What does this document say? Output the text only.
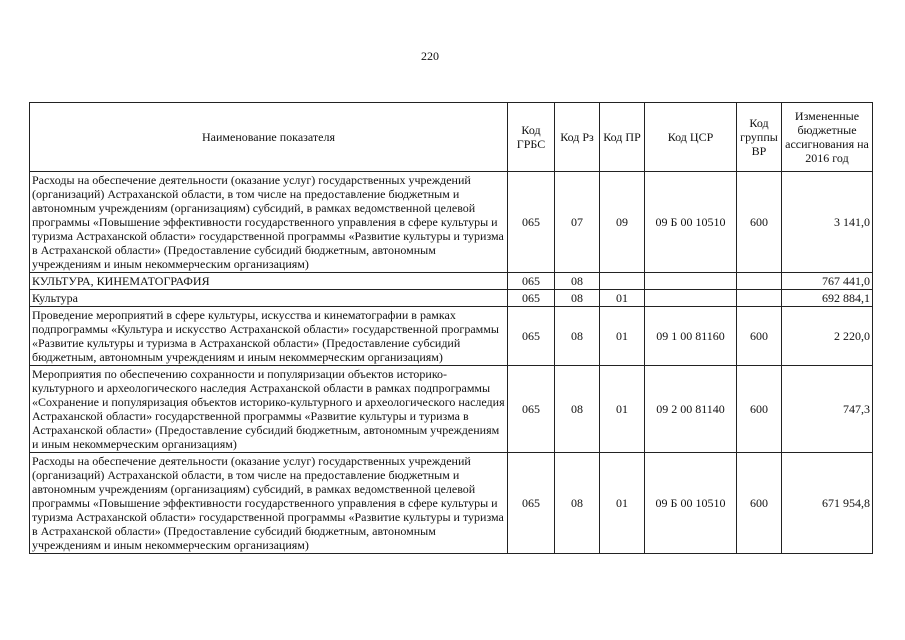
220
Наименование показателя	Код ГРБС	Код Рз	Код ПР	Код ЦСР	Код группы ВР	Измененные бюджетные ассигнования на 2016 год
Расходы на обеспечение деятельности (оказание услуг) государственных учреждений (организаций) Астраханской области, в том числе на предоставление бюджетным и автономным учреждениям (организациям) субсидий, в рамках ведомственной целевой программы «Повышение эффективности государственного управления в сфере культуры и туризма Астраханской области» государственной программы «Развитие культуры и туризма в Астраханской области» (Предоставление субсидий бюджетным, автономным учреждениям и иным некоммерческим организациям)	065	07	09	09 Б 00 10510	600	3 141,0
КУЛЬТУРА, КИНЕМАТОГРАФИЯ	065	08				767 441,0
Культура	065	08	01			692 884,1
Проведение мероприятий в сфере культуры, искусства и кинематографии в рамках подпрограммы «Культура и искусство Астраханской области» государственной программы «Развитие культуры и туризма в Астраханской области» (Предоставление субсидий бюджетным, автономным учреждениям и иным некоммерческим организациям)	065	08	01	09 1 00 81160	600	2 220,0
Мероприятия по обеспечению сохранности и популяризации объектов историко-культурного и археологического наследия Астраханской области в рамках подпрограммы «Сохранение и популяризация объектов историко-культурного и археологического наследия Астраханской области» государственной программы «Развитие культуры и туризма в Астраханской области» (Предоставление субсидий бюджетным, автономным учреждениям и иным некоммерческим организациям)	065	08	01	09 2 00 81140	600	747,3
Расходы на обеспечение деятельности (оказание услуг) государственных учреждений (организаций) Астраханской области, в том числе на предоставление бюджетным и автономным учреждениям (организациям) субсидий, в рамках ведомственной целевой программы «Повышение эффективности государственного управления в сфере культуры и туризма Астраханской области» государственной программы «Развитие культуры и туризма в Астраханской области» (Предоставление субсидий бюджетным, автономным учреждениям и иным некоммерческим организациям)	065	08	01	09 Б 00 10510	600	671 954,8
